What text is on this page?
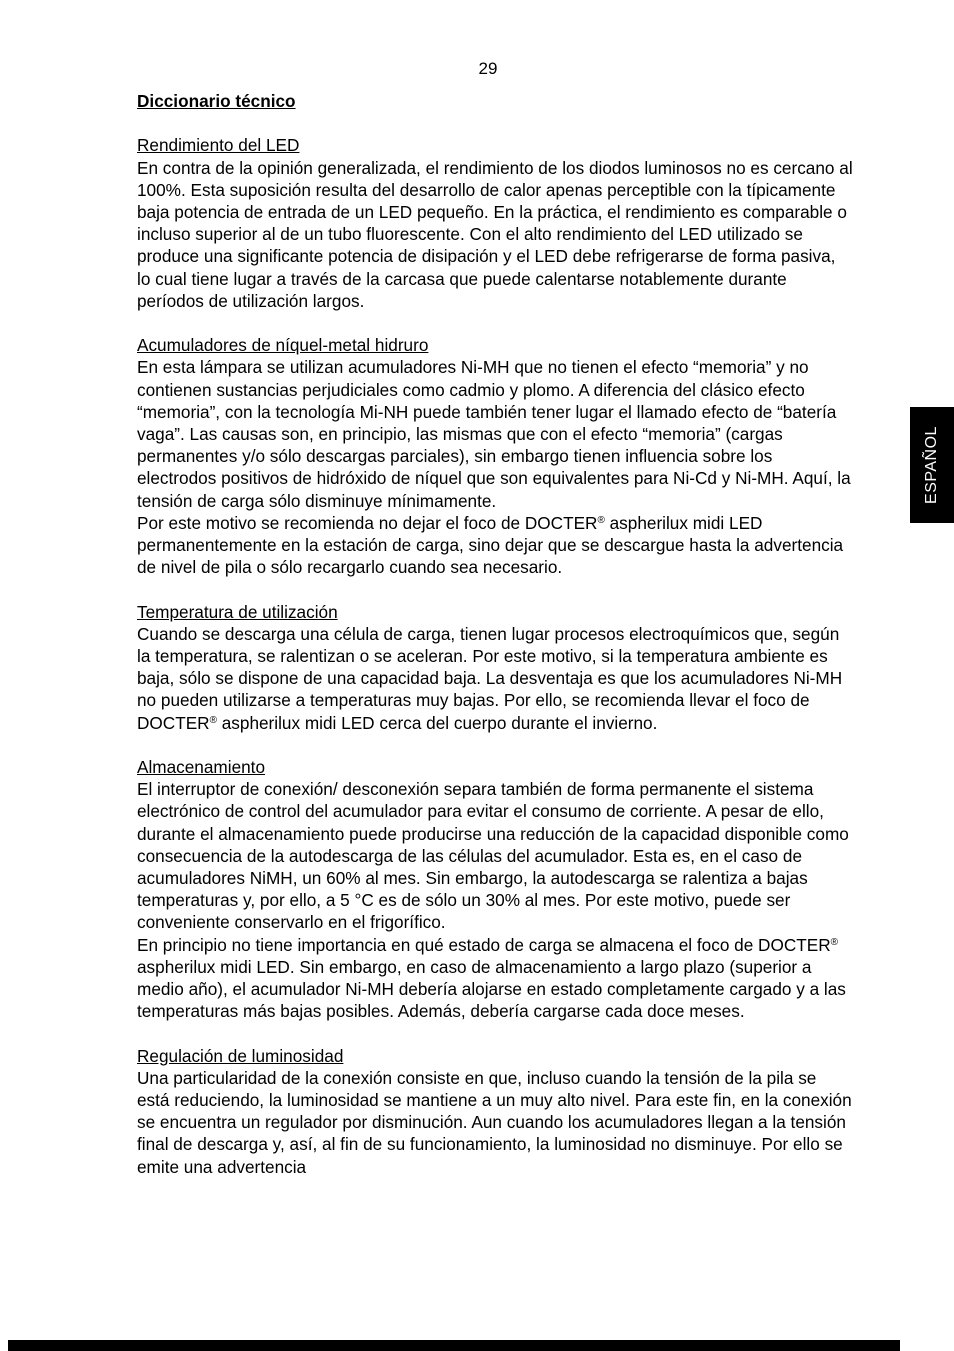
29

Diccionario técnico

Rendimiento del LED

En contra de la opinión generalizada, el rendimiento de los diodos luminosos no es cercano al 100%. Esta suposición resulta del desarrollo de calor apenas perceptible con la típicamente baja potencia de entrada de un LED pequeño. En la práctica, el rendimiento es comparable o incluso superior al de un tubo fluorescente. Con el alto rendimiento del LED utilizado se produce una significante potencia de disipación y el LED debe refrigerarse de forma pasiva, lo cual tiene lugar a través de la carcasa que puede calentarse notablemente durante períodos de utilización largos.

Acumuladores de níquel-metal hidruro

En esta lámpara se utilizan acumuladores Ni-MH que no tienen el efecto “memoria” y no contienen sustancias perjudiciales como cadmio y plomo. A diferencia del clásico efecto “memoria”, con la tecnología Mi-NH puede también tener lugar el llamado efecto de “batería vaga”. Las causas son, en principio, las mismas que con el efecto “memoria” (cargas permanentes y/o sólo descargas parciales), sin embargo tienen influencia sobre los electrodos positivos de hidróxido de níquel que son equivalentes para Ni-Cd y Ni-MH. Aquí, la tensión de carga sólo disminuye mínimamente.

Por este motivo se recomienda no dejar el foco de DOCTER® aspherilux midi LED permanentemente en la estación de carga, sino dejar que se descargue hasta la advertencia de nivel de pila o sólo recargarlo cuando sea necesario.

Temperatura de utilización

Cuando se descarga una célula de carga, tienen lugar procesos electroquímicos que, según la temperatura, se ralentizan o se aceleran. Por este motivo, si la temperatura ambiente es baja, sólo se dispone de una capacidad baja. La desventaja es que los acumuladores Ni-MH no pueden utilizarse a temperaturas muy bajas. Por ello, se recomienda llevar el foco de DOCTER® aspherilux midi LED cerca del cuerpo durante el invierno.

Almacenamiento

El interruptor de conexión/ desconexión separa también de forma permanente el sistema electrónico de control del acumulador para evitar el consumo de corriente. A pesar de ello, durante el almacenamiento puede producirse una reducción de la capacidad disponible como consecuencia de la autodescarga de las células del acumulador. Esta es, en el caso de acumuladores NiMH, un 60% al mes. Sin embargo, la autodescarga se ralentiza a bajas temperaturas y, por ello, a 5 °C es de sólo un 30% al mes. Por este motivo, puede ser conveniente conservarlo en el frigorífico.

En principio no tiene importancia en qué estado de carga se almacena el foco de DOCTER® aspherilux midi LED. Sin embargo, en caso de almacenamiento a largo plazo (superior a medio año), el acumulador Ni-MH debería alojarse en estado completamente cargado y a las temperaturas más bajas posibles. Además, debería cargarse cada doce meses.

Regulación de luminosidad

Una particularidad de la conexión consiste en que, incluso cuando la tensión de la pila se está reduciendo, la luminosidad se mantiene a un muy alto nivel. Para este fin, en la conexión se encuentra un regulador por disminución. Aun cuando los acumuladores llegan a la tensión final de descarga y, así, al fin de su funcionamiento, la luminosidad no disminuye. Por ello se emite una advertencia

ESPAÑOL
